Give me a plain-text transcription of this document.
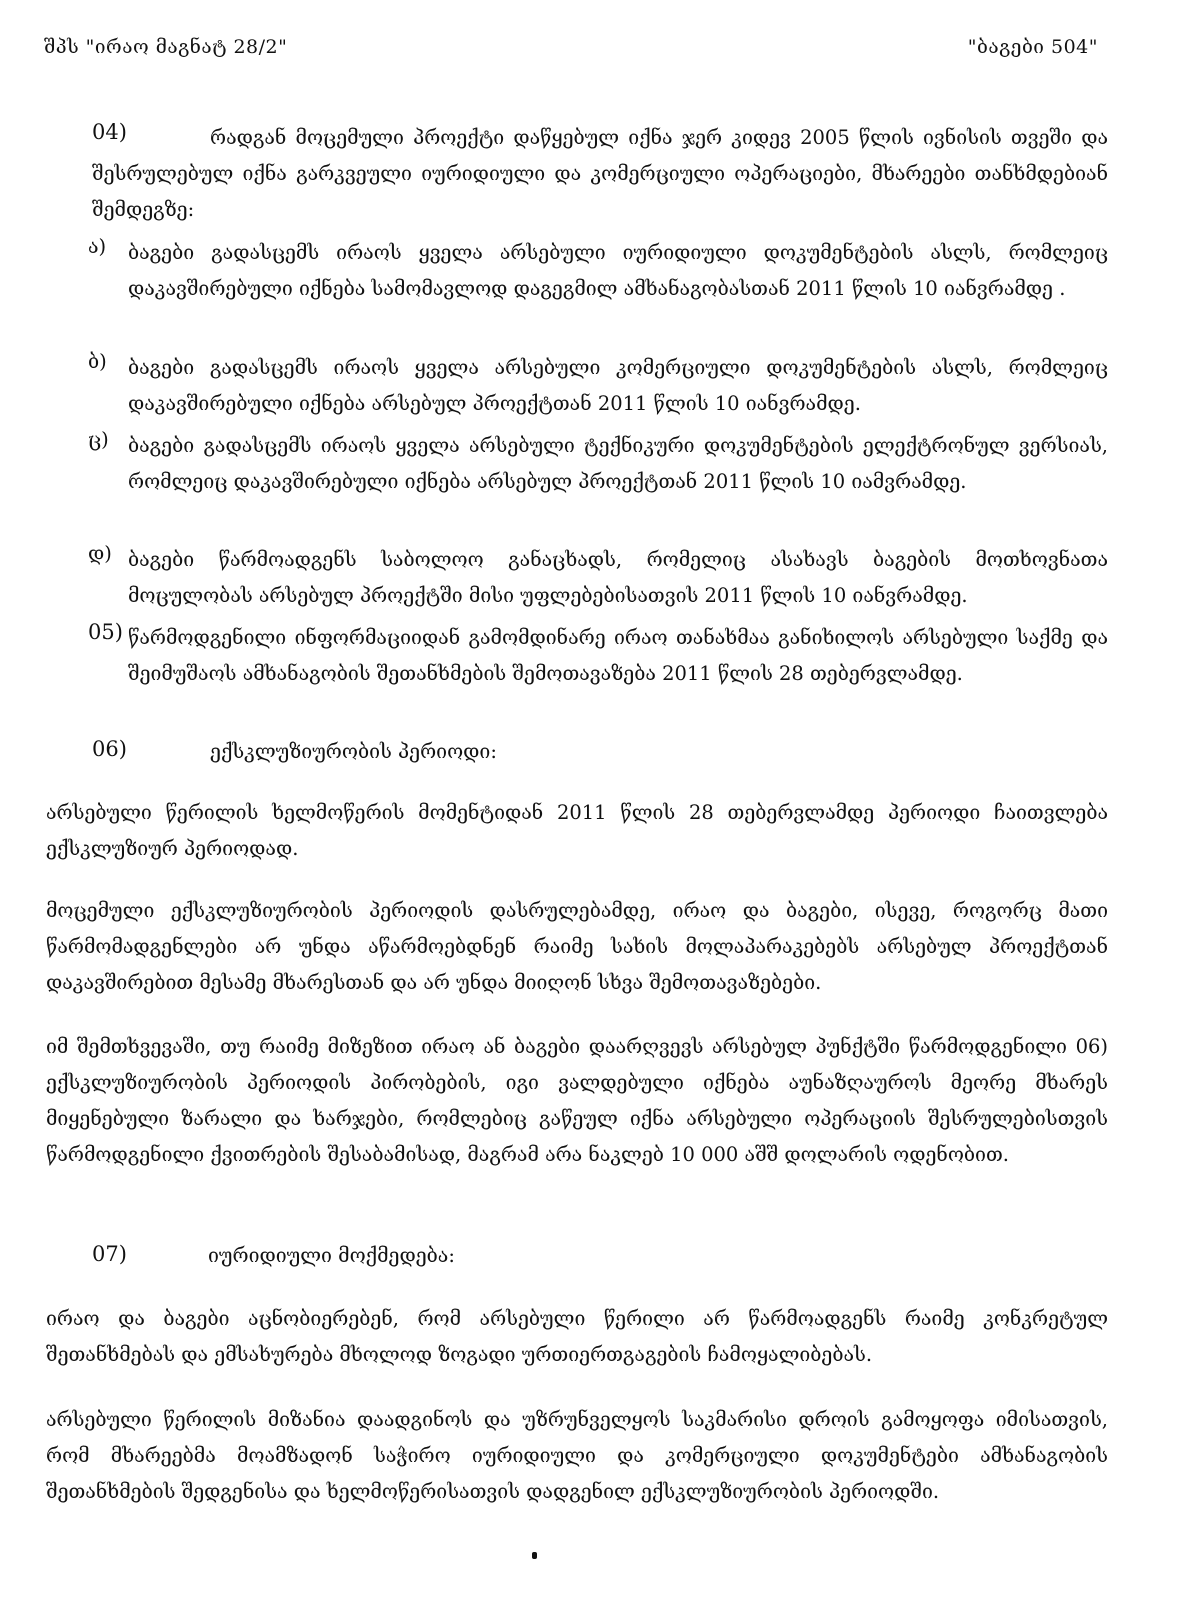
შპს "ირაო მაგნატ 28/2"	"ბაგები 504"
04)	რადგან მოცემული პროექტი დაწყებულ იქნა ჯერ კიდევ 2005 წლის ივნისის თვეში და შესრულებულ იქნა გარკვეული იურიდიული და კომერციული ოპერაციები, მხარეები თანხმდებიან შემდეგზე:
ა) ბაგები გადასცემს ირაოს ყველა არსებული იურიდიული დოკუმენტების ასლს, რომლეიც დაკავშირებული იქნება სამომავლოდ დაგეგმილ ამხანაგობასთან 2011 წლის 10 იანვრამდე .
ბ) ბაგები გადასცემს ირაოს ყველა არსებული კომერციული დოკუმენტების ასლს, რომლეიც დაკავშირებული იქნება არსებულ პროექტთან 2011 წლის 10 იანვრამდე.
ც) ბაგები გადასცემს ირაოს ყველა არსებული ტექნიკური დოკუმენტების ელექტრონულ ვერსიას, რომლეიც დაკავშირებული იქნება არსებულ პროექტთან 2011 წლის 10 იამვრამდე.
დ) ბაგები წარმოადგენს საბოლოო განაცხადს, რომელიც ასახავს ბაგების მოთხოვნათა მოცულობას არსებულ პროექტში მისი უფლებებისათვის 2011 წლის 10 იანვრამდე.
05) წარმოდგენილი ინფორმაციიდან გამომდინარე ირაო თანახმაა განიხილოს არსებული საქმე და შეიმუშაოს ამხანაგობის შეთანხმების შემოთავაზება 2011 წლის 28 თებერვლამდე.
06)	ექსკლუზიურობის პერიოდი:
არსებული წერილის ხელმოწერის მომენტიდან 2011 წლის 28 თებერვლამდე პერიოდი ჩაითვლება ექსკლუზიურ პერიოდად.
მოცემული ექსკლუზიურობის პერიოდის დასრულებამდე, ირაო და ბაგები, ისევე, როგორც მათი წარმომადგენლები არ უნდა აწარმოებდნენ რაიმე სახის მოლაპარაკებებს არსებულ პროექტთან დაკავშირებით მესამე მხარესთან და არ უნდა მიიღონ სხვა შემოთავაზებები.
იმ შემთხვევაში, თუ რაიმე მიზეზით ირაო ან ბაგები დაარღვევს არსებულ პუნქტში წარმოდგენილი 06) ექსკლუზიურობის პერიოდის პირობების, იგი ვალდებული იქნება აუნაზღაუროს მეორე მხარეს მიყენებული ზარალი და ხარჯები, რომლებიც გაწეულ იქნა არსებული ოპერაციის შესრულებისთვის წარმოდგენილი ქვითრების შესაბამისად, მაგრამ არა ნაკლებ 10 000 აშშ დოლარის ოდენობით.
07)	იურიდიული მოქმედება:
ირაო და ბაგები აცნობიერებენ, რომ არსებული წერილი არ წარმოადგენს რაიმე კონკრეტულ შეთანხმებას და ემსახურება მხოლოდ ზოგადი ურთიერთგაგების ჩამოყალიბებას.
არსებული წერილის მიზანია დაადგინოს და უზრუნველყოს საკმარისი დროის გამოყოფა იმისათვის, რომ მხარეებმა მოამზადონ საჭირო იურიდიული და კომერციული დოკუმენტები ამხანაგობის შეთანხმების შედგენისა და ხელმოწერისათვის დადგენილ ექსკლუზიურობის პერიოდში.
